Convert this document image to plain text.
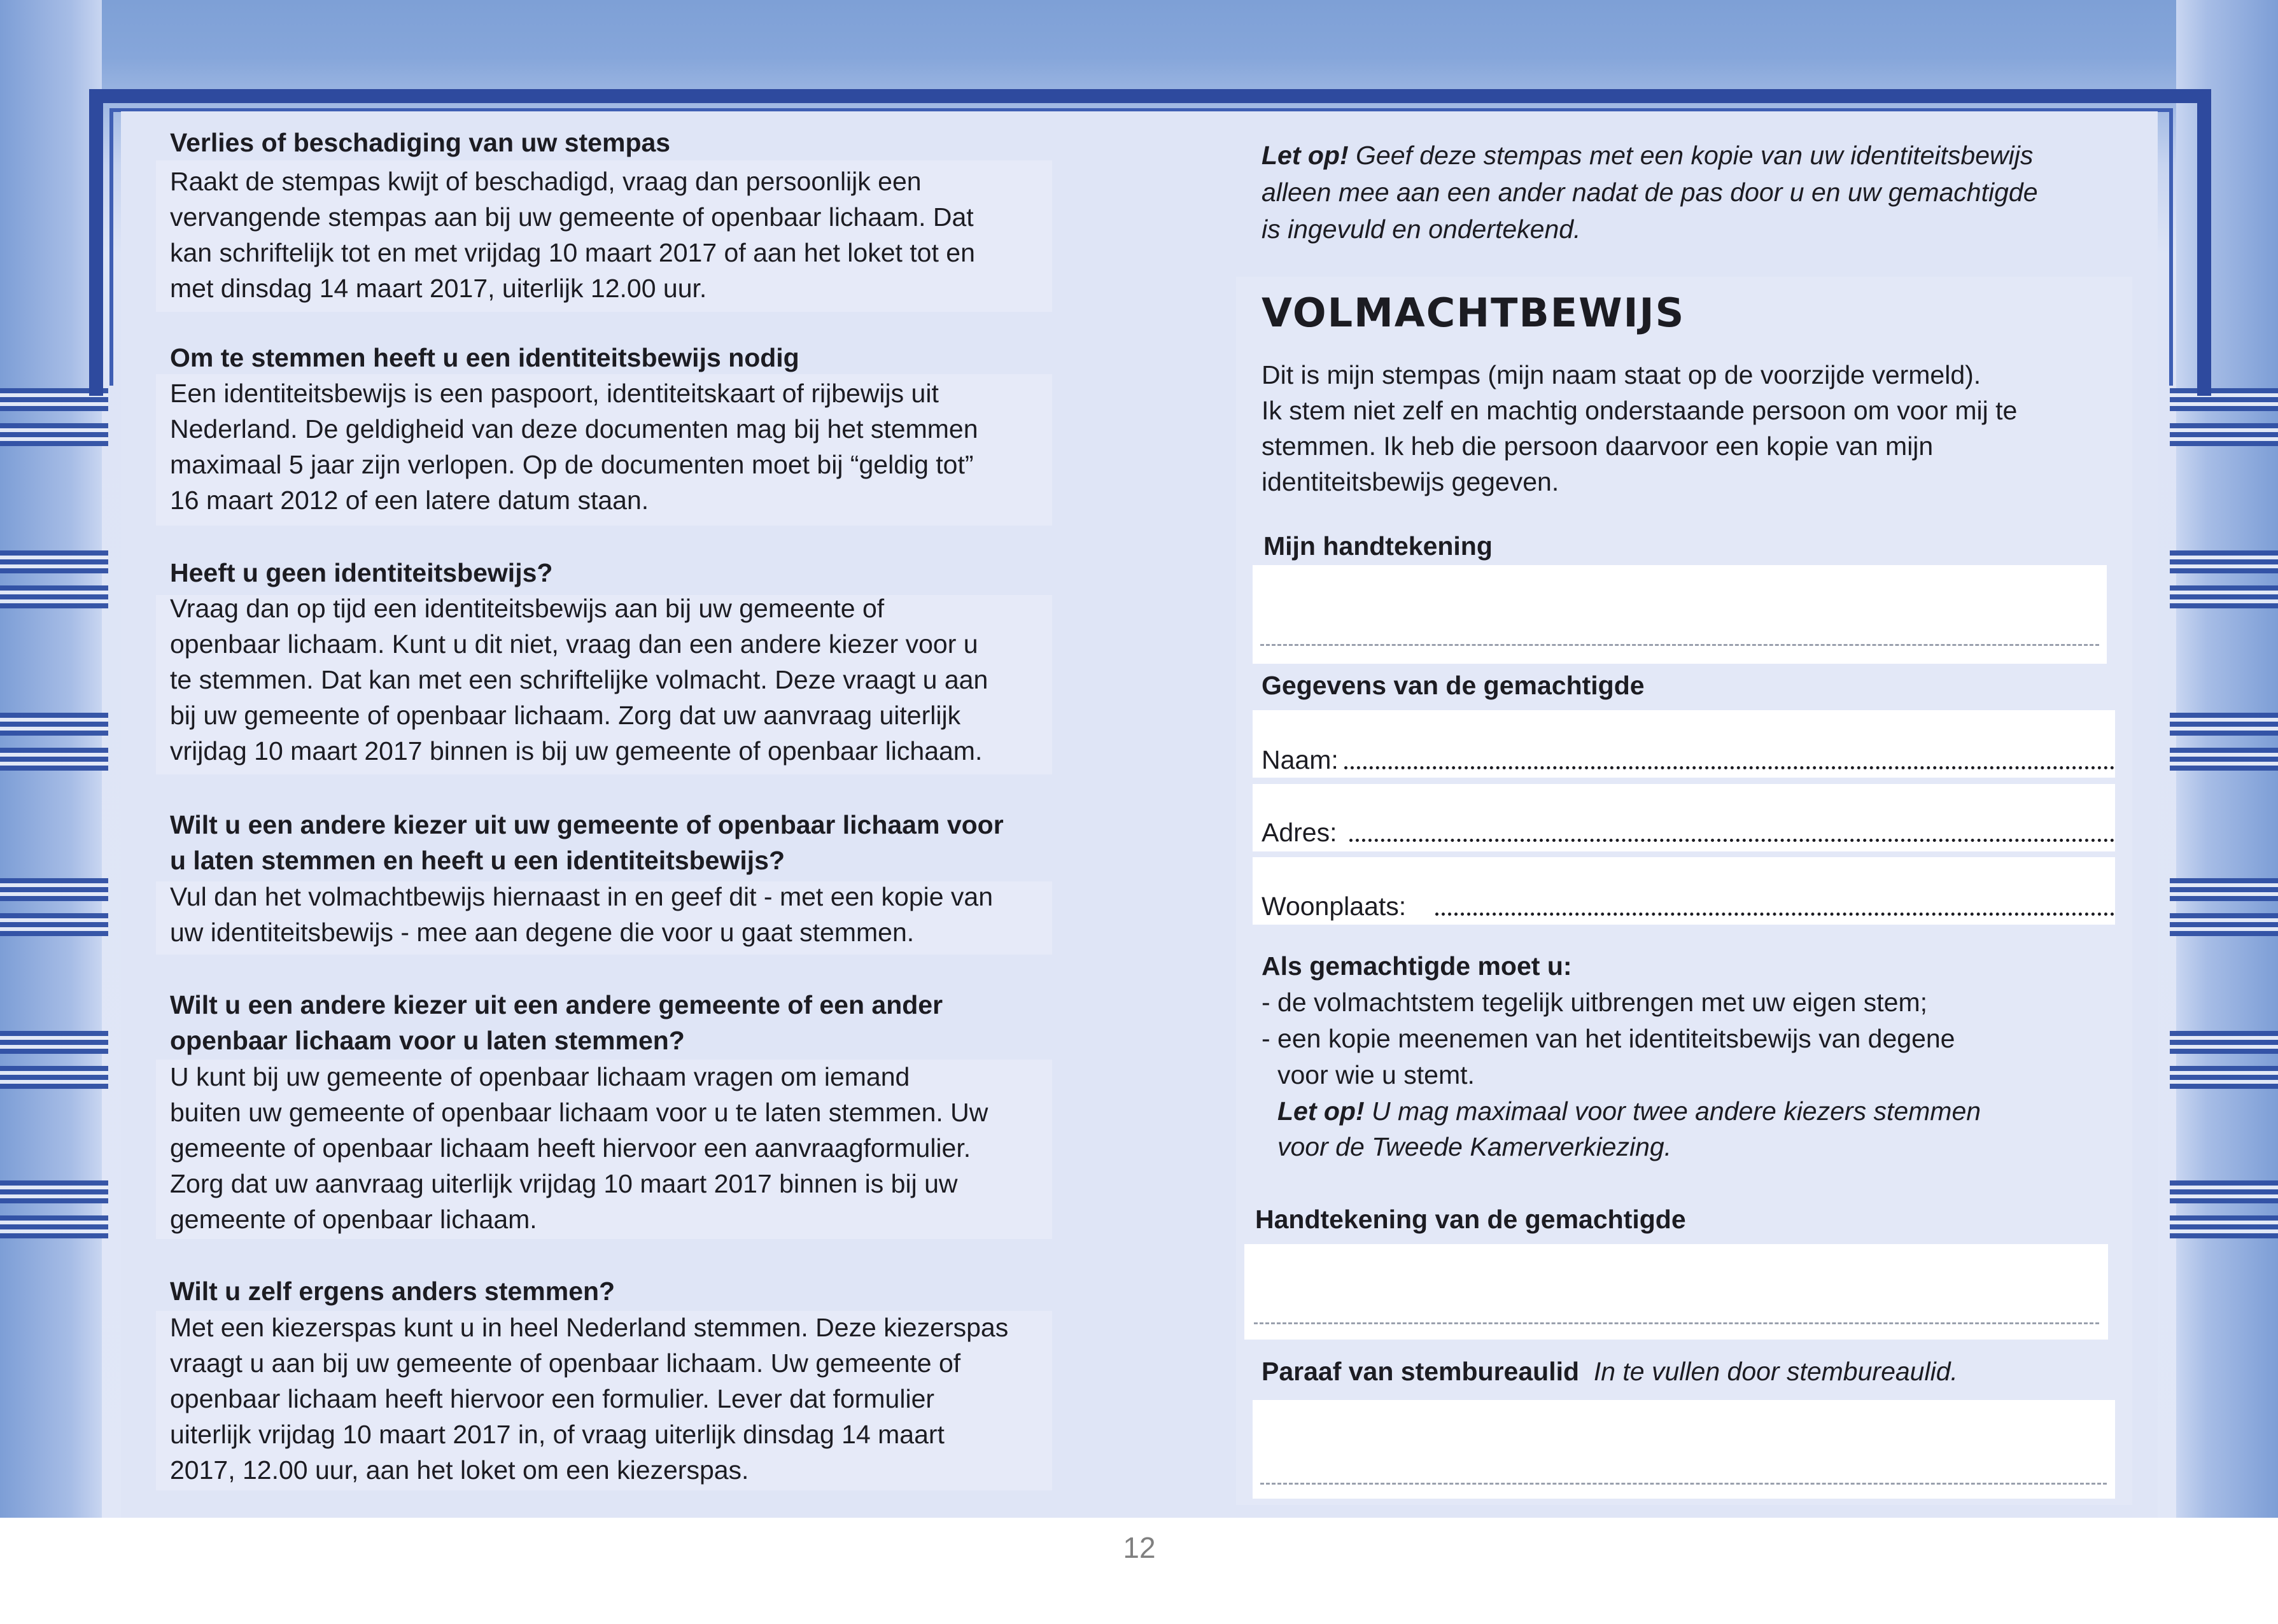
Verlies of beschadiging van uw stempas

Raakt de stempas kwijt of beschadigd, vraag dan persoonlijk een
vervangende stempas aan bij uw gemeente of openbaar lichaam. Dat
kan schriftelijk tot en met vrijdag 10 maart 2017 of aan het loket tot en
met dinsdag 14 maart 2017, uiterlijk 12.00 uur.

Om te stemmen heeft u een identiteitsbewijs nodig

Een identiteitsbewijs is een paspoort, identiteitskaart of rijbewijs uit
Nederland. De geldigheid van deze documenten mag bij het stemmen
maximaal 5 jaar zijn verlopen. Op de documenten moet bij “geldig tot”
16 maart 2012 of een latere datum staan.

Heeft u geen identiteitsbewijs?

Vraag dan op tijd een identiteitsbewijs aan bij uw gemeente of
openbaar lichaam. Kunt u dit niet, vraag dan een andere kiezer voor u
te stemmen. Dat kan met een schriftelijke volmacht. Deze vraagt u aan
bij uw gemeente of openbaar lichaam. Zorg dat uw aanvraag uiterlijk
vrijdag 10 maart 2017 binnen is bij uw gemeente of openbaar lichaam.

Wilt u een andere kiezer uit uw gemeente of openbaar lichaam voor
u laten stemmen en heeft u een identiteitsbewijs?

Vul dan het volmachtbewijs hiernaast in en geef dit - met een kopie van
uw identiteitsbewijs - mee aan degene die voor u gaat stemmen.

Wilt u een andere kiezer uit een andere gemeente of een ander
openbaar lichaam voor u laten stemmen?

U kunt bij uw gemeente of openbaar lichaam vragen om iemand
buiten uw gemeente of openbaar lichaam voor u te laten stemmen. Uw
gemeente of openbaar lichaam heeft hiervoor een aanvraagformulier.
Zorg dat uw aanvraag uiterlijk vrijdag 10 maart 2017 binnen is bij uw
gemeente of openbaar lichaam.

Wilt u zelf ergens anders stemmen?

Met een kiezerspas kunt u in heel Nederland stemmen. Deze kiezerspas
vraagt u aan bij uw gemeente of openbaar lichaam. Uw gemeente of
openbaar lichaam heeft hiervoor een formulier. Lever dat formulier
uiterlijk vrijdag 10 maart 2017 in, of vraag uiterlijk dinsdag 14 maart
2017, 12.00 uur, aan het loket om een kiezerspas.

Let op! Geef deze stempas met een kopie van uw identiteitsbewijs
alleen mee aan een ander nadat de pas door u en uw gemachtigde
is ingevuld en ondertekend.

VOLMACHTBEWIJS

Dit is mijn stempas (mijn naam staat op de voorzijde vermeld).
Ik stem niet zelf en machtig onderstaande persoon om voor mij te
stemmen. Ik heb die persoon daarvoor een kopie van mijn
identiteitsbewijs gegeven.

Mijn handtekening

Gegevens van de gemachtigde

Naam:

Adres:

Woonplaats:

Als gemachtigde moet u:

- de volmachtstem tegelijk uitbrengen met uw eigen stem;

- een kopie meenemen van het identiteitsbewijs van degene

voor wie u stemt.

Let op! U mag maximaal voor twee andere kiezers stemmen
voor de Tweede Kamerverkiezing.

Handtekening van de gemachtigde

Paraaf van stembureaulid In te vullen door stembureaulid.

12
